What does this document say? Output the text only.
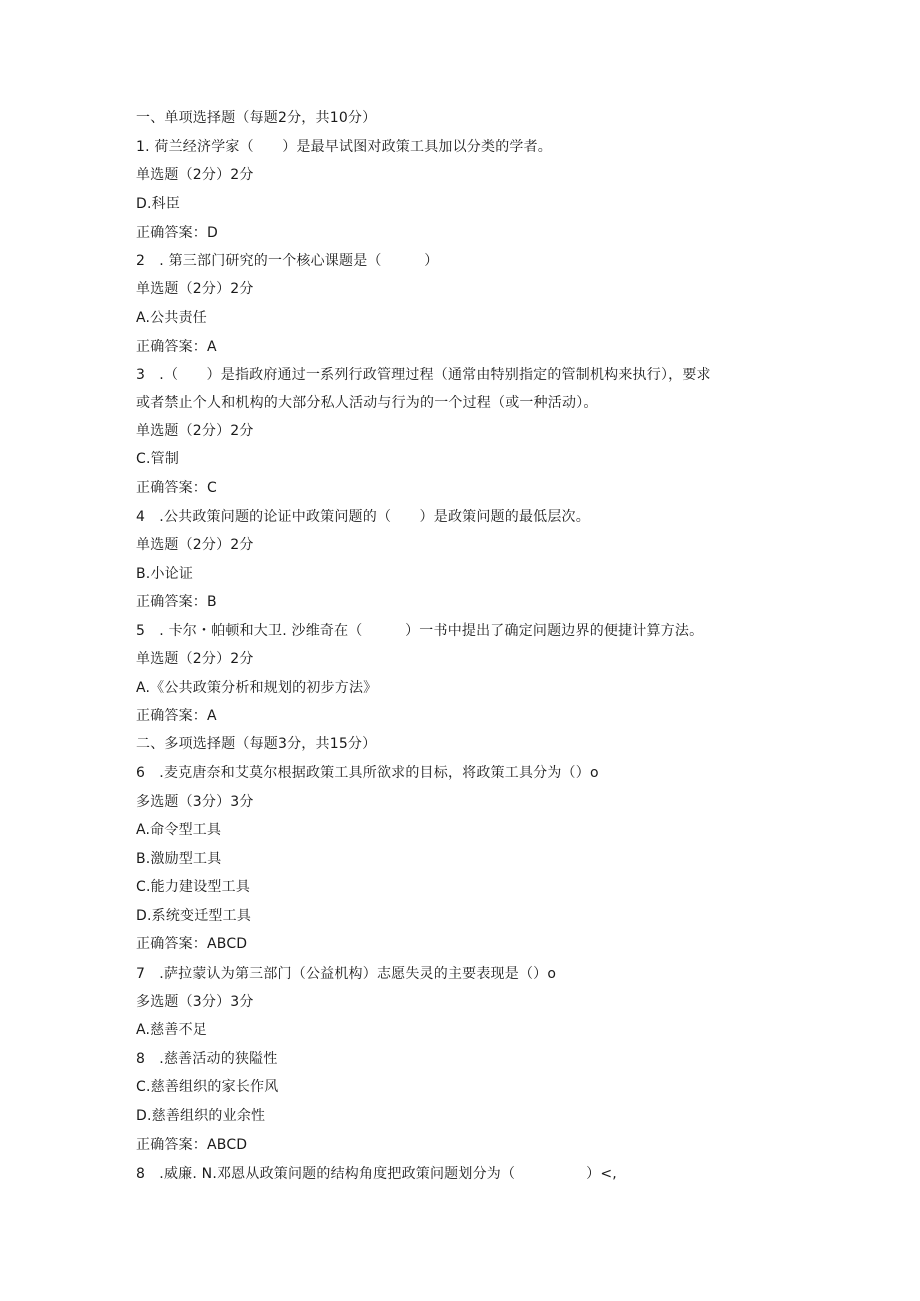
一、单项选择题（每题2分，共10分）
1. 荷兰经济学家（　　）是最早试图对政策工具加以分类的学者。
单选题（2分）2分
D.科臣
正确答案：D
2　. 第三部门研究的一个核心课题是（　　　）
单选题（2分）2分
A.公共责任
正确答案：A
3　.（　　）是指政府通过一系列行政管理过程（通常由特别指定的管制机构来执行），要求
或者禁止个人和机构的大部分私人活动与行为的一个过程（或一种活动）。
单选题（2分）2分
C.管制
正确答案：C
4　.公共政策问题的论证中政策问题的（　　）是政策问题的最低层次。
单选题（2分）2分
B.小论证
正确答案：B
5　. 卡尔・帕顿和大卫. 沙维奇在（　　　）一书中提出了确定问题边界的便捷计算方法。
单选题（2分）2分
A.《公共政策分析和规划的初步方法》
正确答案：A
二、多项选择题（每题3分，共15分）
6　.麦克唐奈和艾莫尔根据政策工具所欲求的目标，将政策工具分为（）o
多选题（3分）3分
A.命令型工具
B.激励型工具
C.能力建设型工具
D.系统变迁型工具
正确答案：ABCD
7　.萨拉蒙认为第三部门（公益机构）志愿失灵的主要表现是（）o
多选题（3分）3分
A.慈善不足
8　.慈善活动的狭隘性
C.慈善组织的家长作风
D.慈善组织的业余性
正确答案：ABCD
8　.威廉. N.邓恩从政策问题的结构角度把政策问题划分为（　　　　　）<,
